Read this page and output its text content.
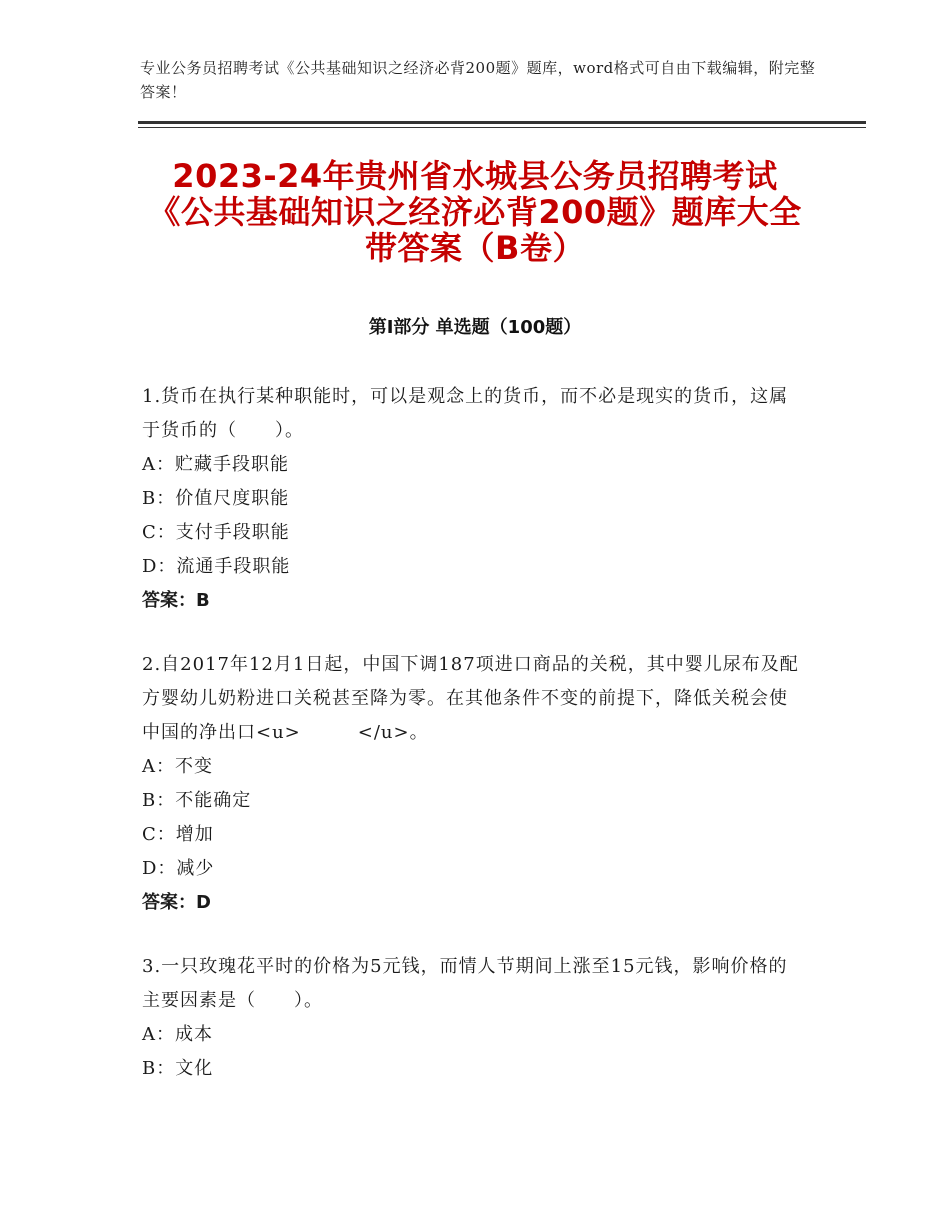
专业公务员招聘考试《公共基础知识之经济必背200题》题库，word格式可自由下载编辑，附完整答案！
2023-24年贵州省水城县公务员招聘考试《公共基础知识之经济必背200题》题库大全带答案（B卷）
第Ⅰ部分 单选题（100题）
1.货币在执行某种职能时，可以是观念上的货币，而不必是现实的货币，这属于货币的（　　）。
A：贮藏手段职能
B：价值尺度职能
C：支付手段职能
D：流通手段职能
答案：B
2.自2017年12月1日起，中国下调187项进口商品的关税，其中婴儿尿布及配方婴幼儿奶粉进口关税甚至降为零。在其他条件不变的前提下，降低关税会使中国的净出口<u>　　　</u>。
A：不变
B：不能确定
C：增加
D：减少
答案：D
3.一只玫瑰花平时的价格为5元钱，而情人节期间上涨至15元钱，影响价格的主要因素是（　　）。
A：成本
B：文化
